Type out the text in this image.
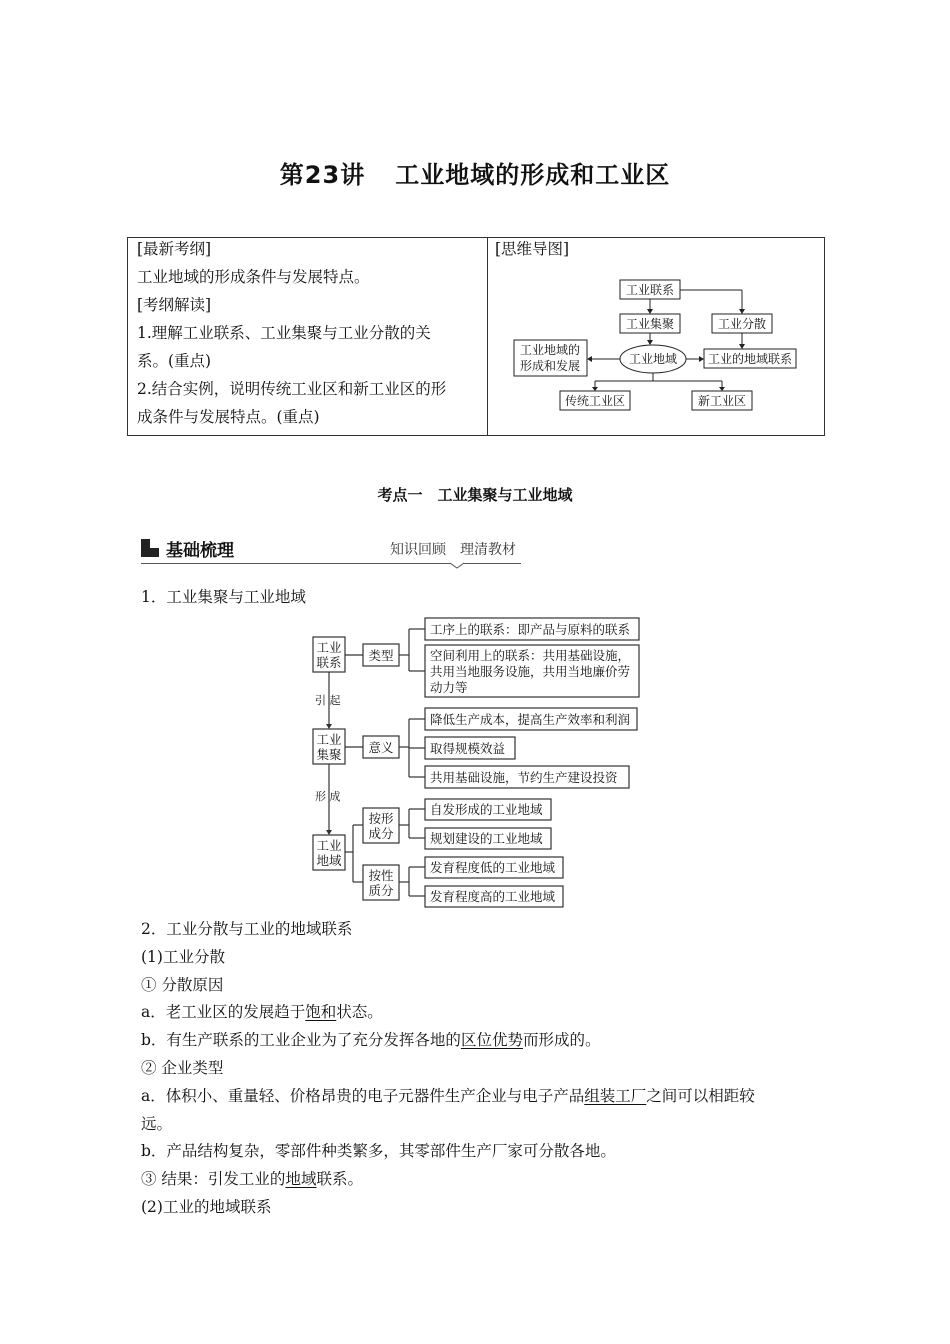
第23讲 工业地域的形成和工业区
[最新考纲]
工业地域的形成条件与发展特点。
[考纲解读]
1.理解工业联系、工业集聚与工业分散的关
系。(重点)
2.结合实例，说明传统工业区和新工业区的形
成条件与发展特点。(重点)
[思维导图]
工业联系
工业集聚	工业分散
工业地域的
形成和发展	工业地域	工业的地域联系
传统工业区	新工业区
考点一　工业集聚与工业地域
基础梳理	知识回顾　理清教材
1．工业集聚与工业地域
工业
联系 类型
工序上的联系：即产品与原料的联系
空间利用上的联系：共用基础设施，
共用当地服务设施，共用当地廉价劳
动力等
引 起
工业
集聚 意义
降低生产成本，提高生产效率和利润
取得规模效益
共用基础设施，节约生产建设投资
形 成
工业
地域
按形
成分
按性
质分
自发形成的工业地域
规划建设的工业地域
发育程度低的工业地域
发育程度高的工业地域

2．工业分散与工业的地域联系

(1)工业分散

① 分散原因

a．老工业区的发展趋于饱和状态。

b．有生产联系的工业企业为了充分发挥各地的区位优势而形成的。

② 企业类型

a．体积小、重量轻、价格昂贵的电子元器件生产企业与电子产品组装工厂之间可以相距较

远。

b．产品结构复杂，零部件种类繁多，其零部件生产厂家可分散各地。

③ 结果：引发工业的地域联系。

(2)工业的地域联系
